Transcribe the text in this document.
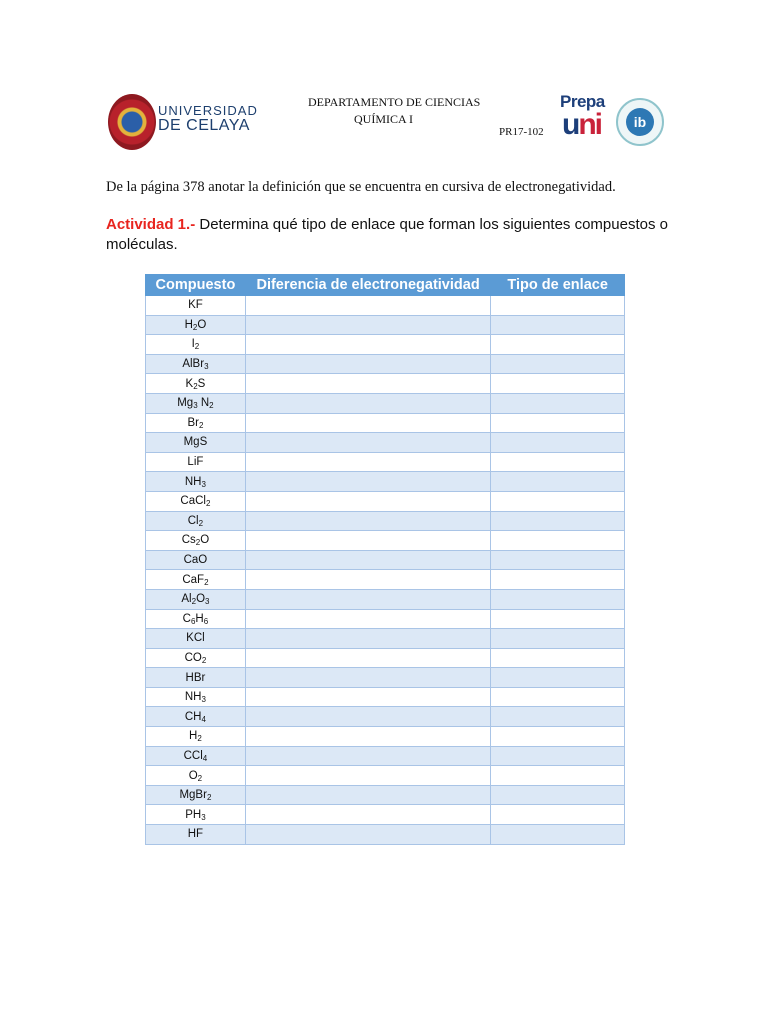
UNIVERSIDAD
DE CELAYA
DEPARTAMENTO DE CIENCIAS
QUÍMICA I
PR17-102
Prepa
uni	ib
De la página 378 anotar la definición que se encuentra en cursiva de electronegatividad.
Actividad 1.- Determina qué tipo de enlace que forman los siguientes compuestos o moléculas.
Compuesto	Diferencia de electronegatividad	Tipo de enlace
KF		
H2O		
I2		
AlBr3		
K2S		
Mg3 N2		
Br2		
MgS		
LiF		
NH3		
CaCl2		
Cl2		
Cs2O		
CaO		
CaF2		
Al2O3		
C6H6		
KCl		
CO2		
HBr		
NH3		
CH4		
H2		
CCl4		
O2		
MgBr2		
PH3		
HF		
